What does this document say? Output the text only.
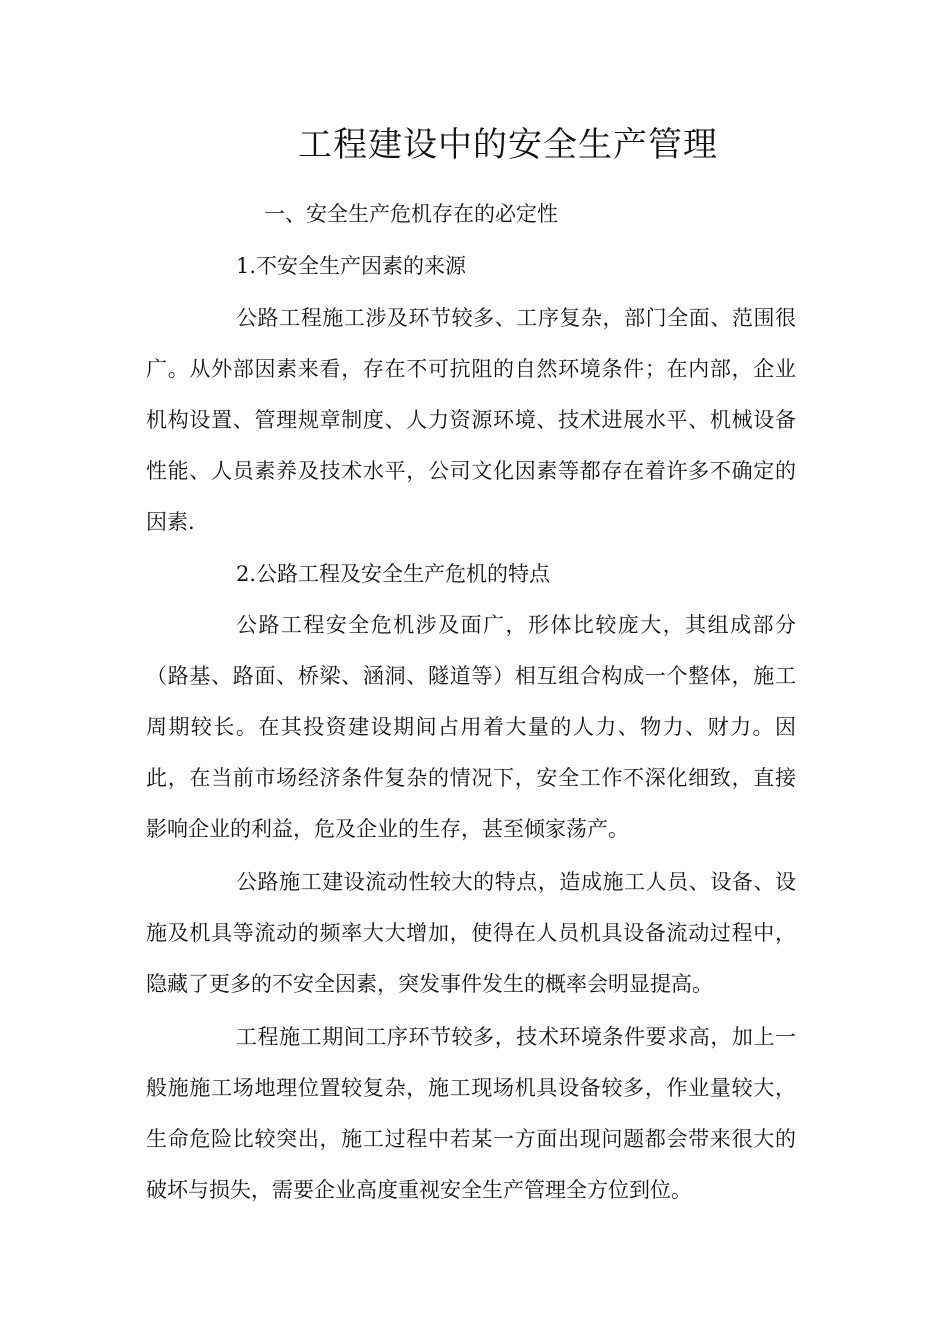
工程建设中的安全生产管理

一、安全生产危机存在的必定性

1.不安全生产因素的来源

公路工程施工涉及环节较多、工序复杂，部门全面、范围很广。从外部因素来看，存在不可抗阻的自然环境条件；在内部，企业机构设置、管理规章制度、人力资源环境、技术进展水平、机械设备性能、人员素养及技术水平，公司文化因素等都存在着许多不确定的因素.

2.公路工程及安全生产危机的特点

公路工程安全危机涉及面广，形体比较庞大，其组成部分（路基、路面、桥梁、涵洞、隧道等）相互组合构成一个整体，施工周期较长。在其投资建设期间占用着大量的人力、物力、财力。因此，在当前市场经济条件复杂的情况下，安全工作不深化细致，直接影响企业的利益，危及企业的生存，甚至倾家荡产。

公路施工建设流动性较大的特点，造成施工人员、设备、设施及机具等流动的频率大大增加，使得在人员机具设备流动过程中，隐藏了更多的不安全因素，突发事件发生的概率会明显提高。

工程施工期间工序环节较多，技术环境条件要求高，加上一般施施工场地理位置较复杂，施工现场机具设备较多，作业量较大，生命危险比较突出，施工过程中若某一方面出现问题都会带来很大的破坏与损失，需要企业高度重视安全生产管理全方位到位。
